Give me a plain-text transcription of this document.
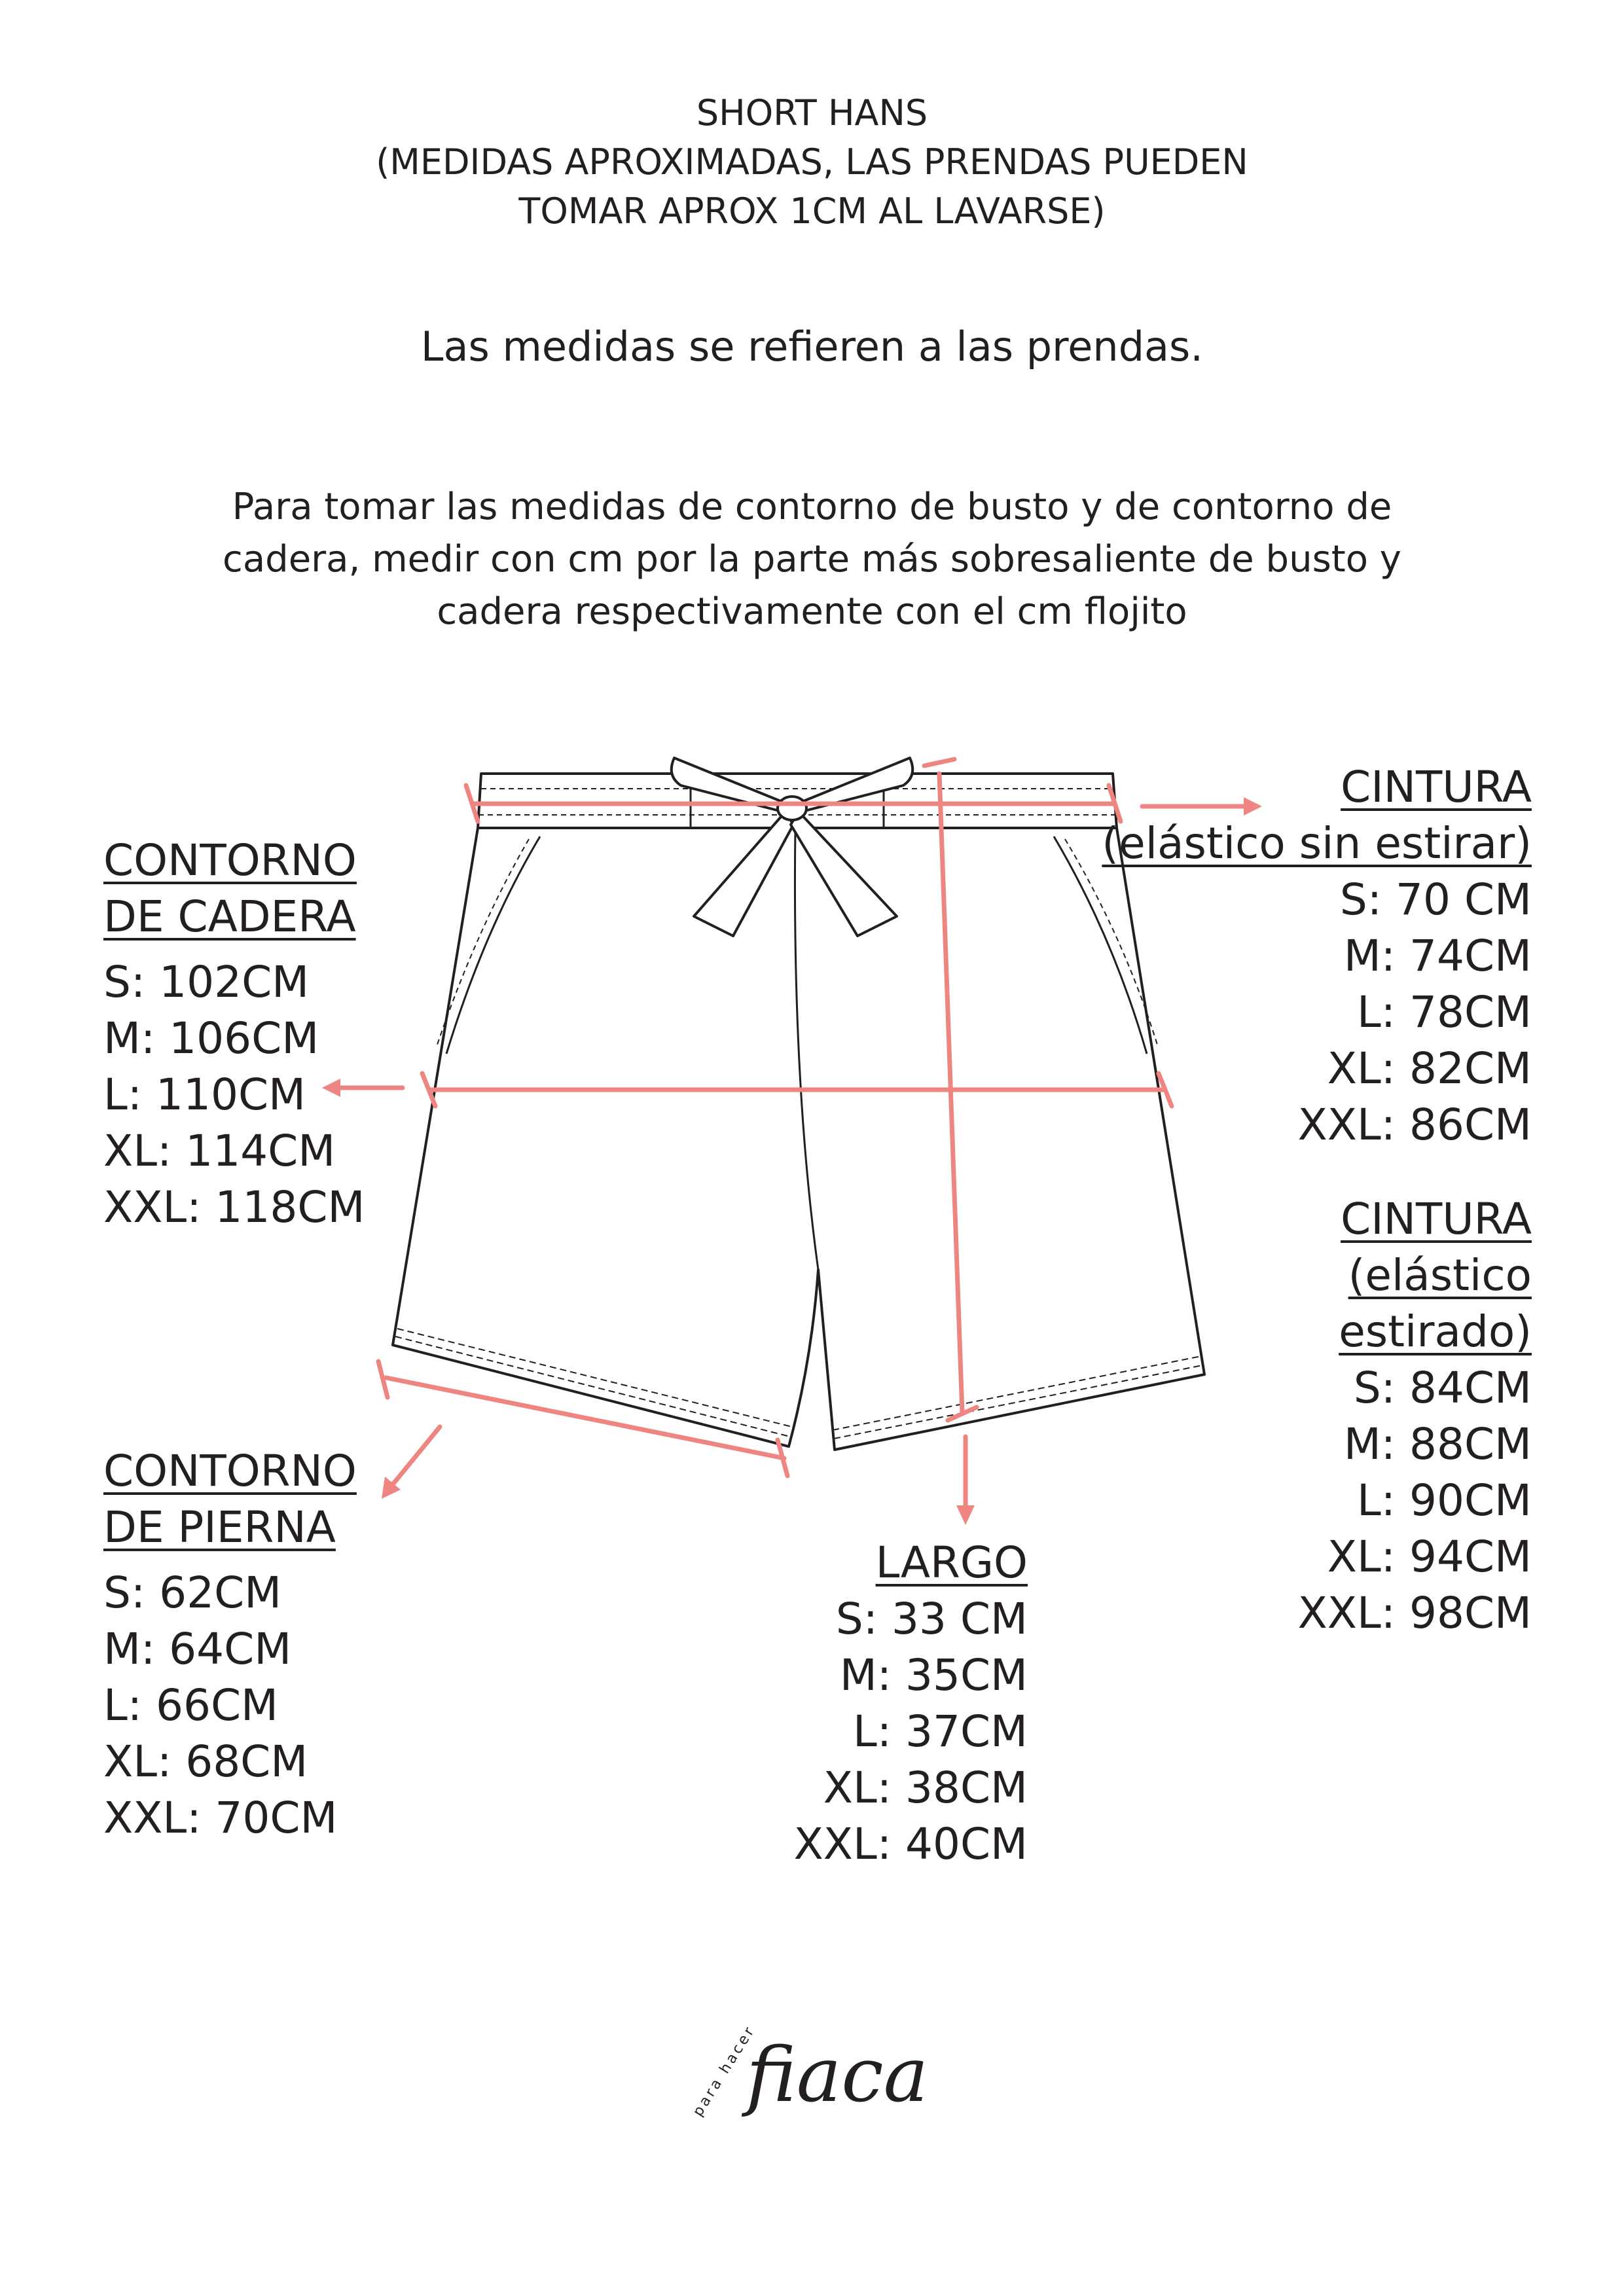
SHORT HANS
(MEDIDAS APROXIMADAS, LAS PRENDAS PUEDEN
TOMAR APROX 1CM AL LAVARSE)
Las medidas se refieren a las prendas.
Para tomar las medidas de contorno de busto y de contorno de
cadera, medir con cm por la parte más sobresaliente de busto y
cadera respectivamente con el cm flojito
CONTORNO
DE CADERA
S: 102CM
M: 106CM
L: 110CM
XL: 114CM
XXL: 118CM
CONTORNO
DE PIERNA
S: 62CM
M: 64CM
L: 66CM
XL: 68CM
XXL: 70CM
LARGO
S: 33 CM
M: 35CM
L: 37CM
XL: 38CM
XXL: 40CM
CINTURA
(elástico sin estirar)
S: 70 CM
M: 74CM
L: 78CM
XL: 82CM
XXL: 86CM
CINTURA
(elástico
estirado)
S: 84CM
M: 88CM
L: 90CM
XL: 94CM
XXL: 98CM
para hacer
fiaca
